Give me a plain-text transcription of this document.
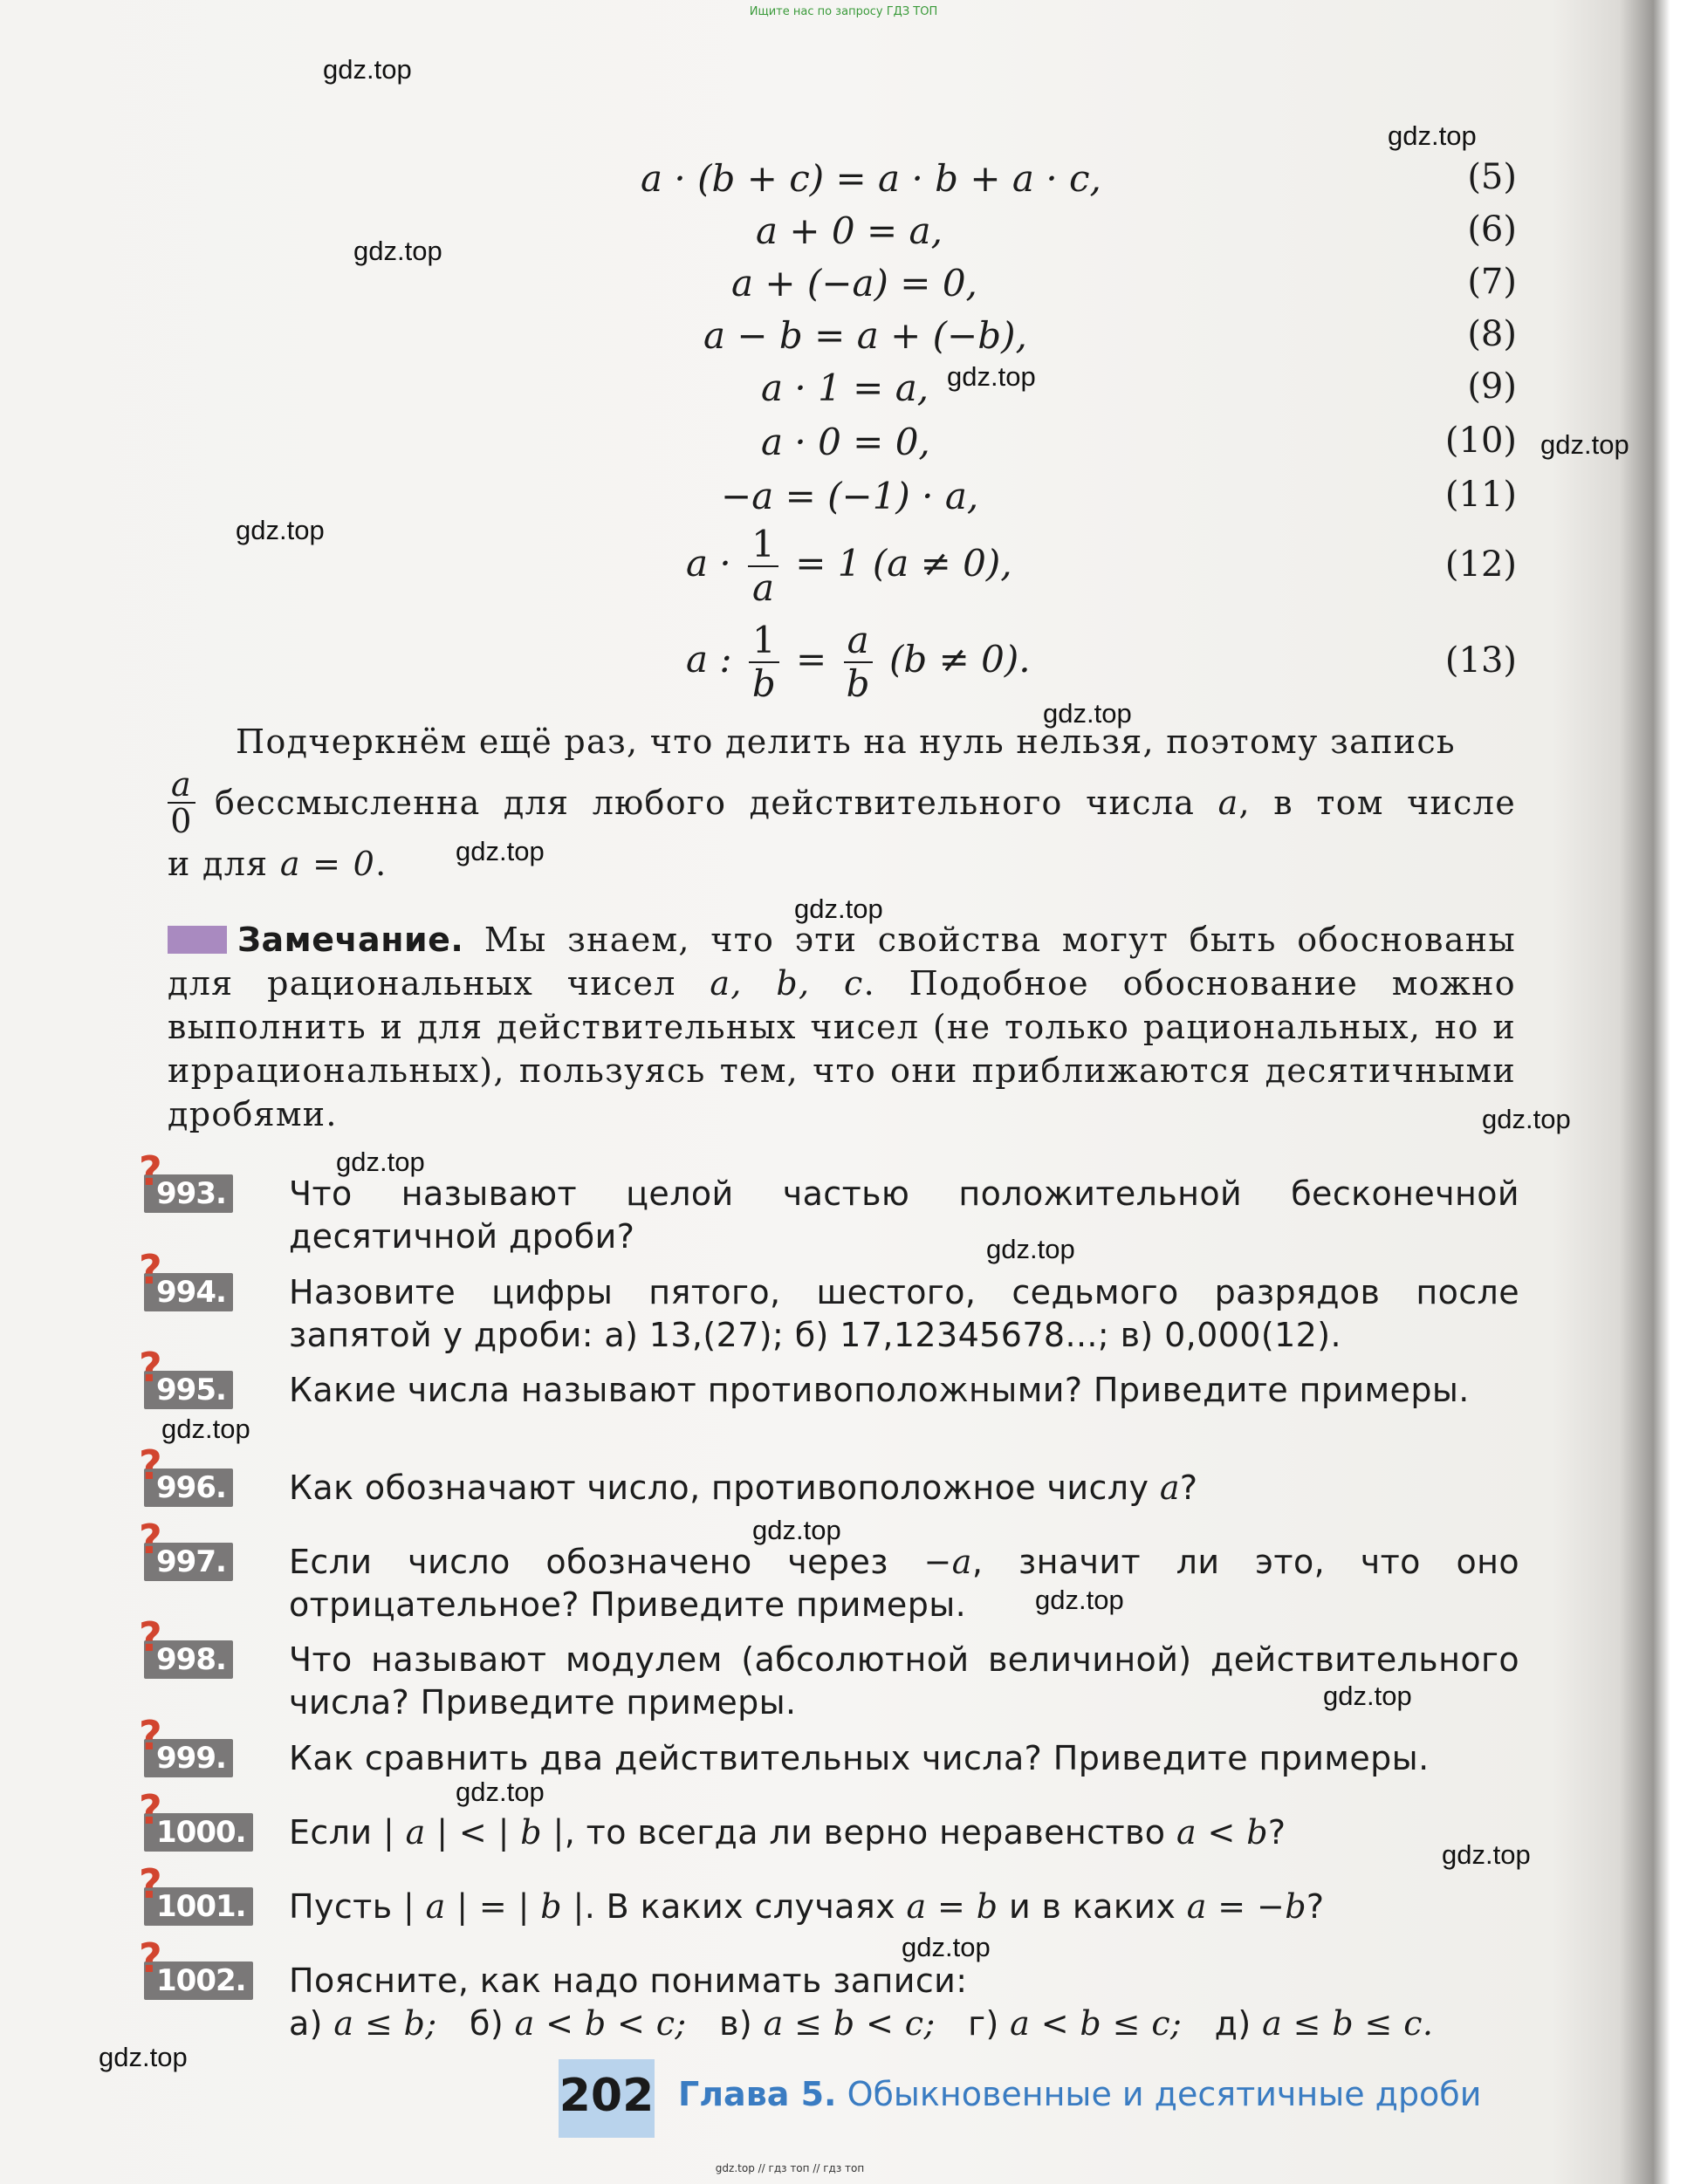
Ищите нас по запросу ГДЗ ТОП
gdz.top
gdz.top
gdz.top
gdz.top
gdz.top
gdz.top
gdz.top
gdz.top
gdz.top
gdz.top
gdz.top
gdz.top
gdz.top
gdz.top
gdz.top
gdz.top
gdz.top
gdz.top
gdz.top
gdz.top
a · (b + c) = a · b + a · c,	(5)
a + 0 = a,	(6)
a + (−a) = 0,	(7)
a − b = a + (−b),	(8)
a · 1 = a,	(9)
a · 0 = 0,	(10)
−a = (−1) · a,	(11)
$a \cdot \frac{1}{a} = 1$ (a ≠ 0),	(12)
a : $\frac{1}{b} = \frac{a}{b} (b \ne 0)$.	(13)
Подчеркнём ещё раз, что делить на нуль нельзя, поэтому запись
$\frac{a}{0}$ бессмысленна для любого действительного числа a, в том числе
и для a = 0.
Замечание. Мы знаем, что эти свойства могут быть обоснованы для рациональных чисел a, b, c. Подобное обоснование можно выполнить и для действительных чисел (не только рациональных, но и иррациональных), пользуясь тем, что они приближаются десятичными дробями.
?
993. Что называют целой частью положительной бесконечной десятичной дроби?
?
994. Назовите цифры пятого, шестого, седьмого разрядов после запятой у дроби: а) 13,(27); б) 17,12345678...; в) 0,000(12).
?
995. Какие числа называют противоположными? Приведите примеры.
?
996. Как обозначают число, противоположное числу a?
?
997. Если число обозначено через −a, значит ли это, что оно отрицательное? Приведите примеры.
?
998. Что называют модулем (абсолютной величиной) действительного числа? Приведите примеры.
?
999. Как сравнить два действительных числа? Приведите примеры.
?
1000. Если | a | < | b |, то всегда ли верно неравенство a < b?
?
1001. Пусть | a | = | b |. В каких случаях a = b и в каких a = −b?
?
1002. Поясните, как надо понимать записи:
а) a ≤ b; б) a < b < c; в) a ≤ b < c; г) a < b ≤ c; д) a ≤ b ≤ c.
202 Глава 5. Обыкновенные и десятичные дроби
gdz.top // гдз топ // гдз топ
